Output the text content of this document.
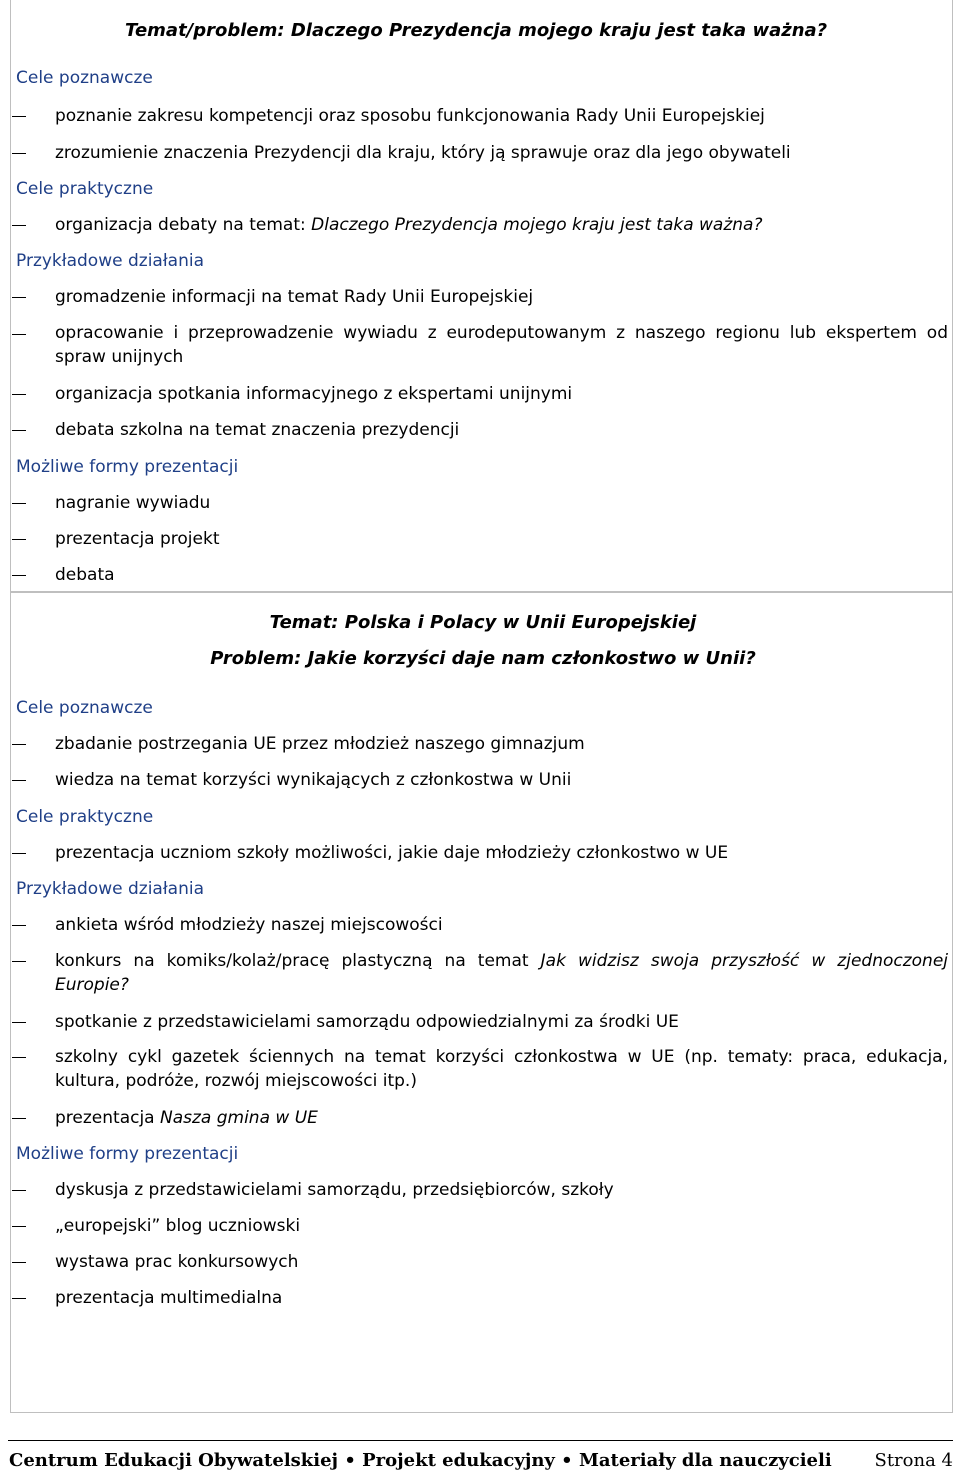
Temat/problem: Dlaczego Prezydencja mojego kraju jest taka ważna?
Cele poznawcze
poznanie zakresu kompetencji oraz sposobu funkcjonowania Rady Unii Europejskiej
zrozumienie znaczenia Prezydencji dla kraju, który ją sprawuje oraz dla jego obywateli
Cele praktyczne
organizacja debaty na temat: Dlaczego Prezydencja mojego kraju jest taka ważna?
Przykładowe działania
gromadzenie informacji na temat Rady Unii Europejskiej
opracowanie i przeprowadzenie wywiadu z eurodeputowanym z naszego regionu lub ekspertem od spraw unijnych
organizacja spotkania informacyjnego z ekspertami unijnymi
debata szkolna na temat znaczenia prezydencji
Możliwe formy prezentacji
nagranie wywiadu
prezentacja projekt
debata
Temat: Polska i Polacy w Unii Europejskiej
Problem: Jakie korzyści daje nam członkostwo w Unii?
Cele poznawcze
zbadanie postrzegania UE przez młodzież naszego gimnazjum
wiedza na temat korzyści wynikających z członkostwa w Unii
Cele praktyczne
prezentacja uczniom szkoły możliwości, jakie daje młodzieży członkostwo w UE
Przykładowe działania
ankieta wśród młodzieży naszej miejscowości
konkurs na komiks/kolaż/pracę plastyczną na temat Jak widzisz swoja przyszłość w zjednoczonej Europie?
spotkanie z przedstawicielami samorządu odpowiedzialnymi za środki UE
szkolny cykl gazetek ściennych na temat korzyści członkostwa w UE (np. tematy: praca, edukacja, kultura, podróże, rozwój miejscowości itp.)
prezentacja Nasza gmina w UE
Możliwe formy prezentacji
dyskusja z przedstawicielami samorządu, przedsiębiorców, szkoły
„europejski” blog uczniowski
wystawa prac konkursowych
prezentacja multimedialna
Centrum Edukacji Obywatelskiej • Projekt edukacyjny • Materiały dla nauczycieli	Strona 4
